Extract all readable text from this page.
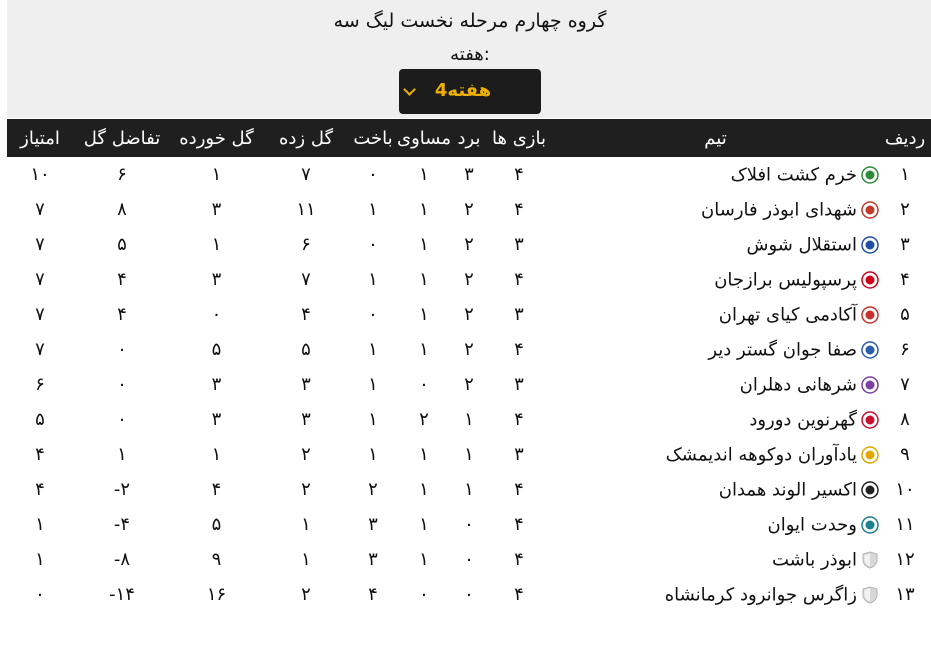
گروه چهارم مرحله نخست لیگ سه
هفته:
هفته4
ردیف	تیم	بازی ها	برد	مساوی	باخت	گل زده	گل خورده	تفاضل گل	امتیاز
۱	خرم کشت افلاک	۴	۳	۱	۰	۷	۱	۶	۱۰
۲	شهدای ابوذر فارسان	۴	۲	۱	۱	۱۱	۳	۸	۷
۳	استقلال شوش	۳	۲	۱	۰	۶	۱	۵	۷
۴	پرسپولیس برازجان	۴	۲	۱	۱	۷	۳	۴	۷
۵	آکادمی کیای تهران	۳	۲	۱	۰	۴	۰	۴	۷
۶	صفا جوان گستر دیر	۴	۲	۱	۱	۵	۵	۰	۷
۷	شرهانی دهلران	۳	۲	۰	۱	۳	۳	۰	۶
۸	گهرنوین دورود	۴	۱	۲	۱	۳	۳	۰	۵
۹	یادآوران دوکوهه اندیمشک	۳	۱	۱	۱	۲	۱	۱	۴
۱۰	اکسیر الوند همدان	۴	۱	۱	۲	۲	۴	۲-	۴
۱۱	وحدت ایوان	۴	۰	۱	۳	۱	۵	۴-	۱
۱۲	ابوذر باشت	۴	۰	۱	۳	۱	۹	۸-	۱
۱۳	زاگرس جوانرود کرمانشاه	۴	۰	۰	۴	۲	۱۶	۱۴-	۰
